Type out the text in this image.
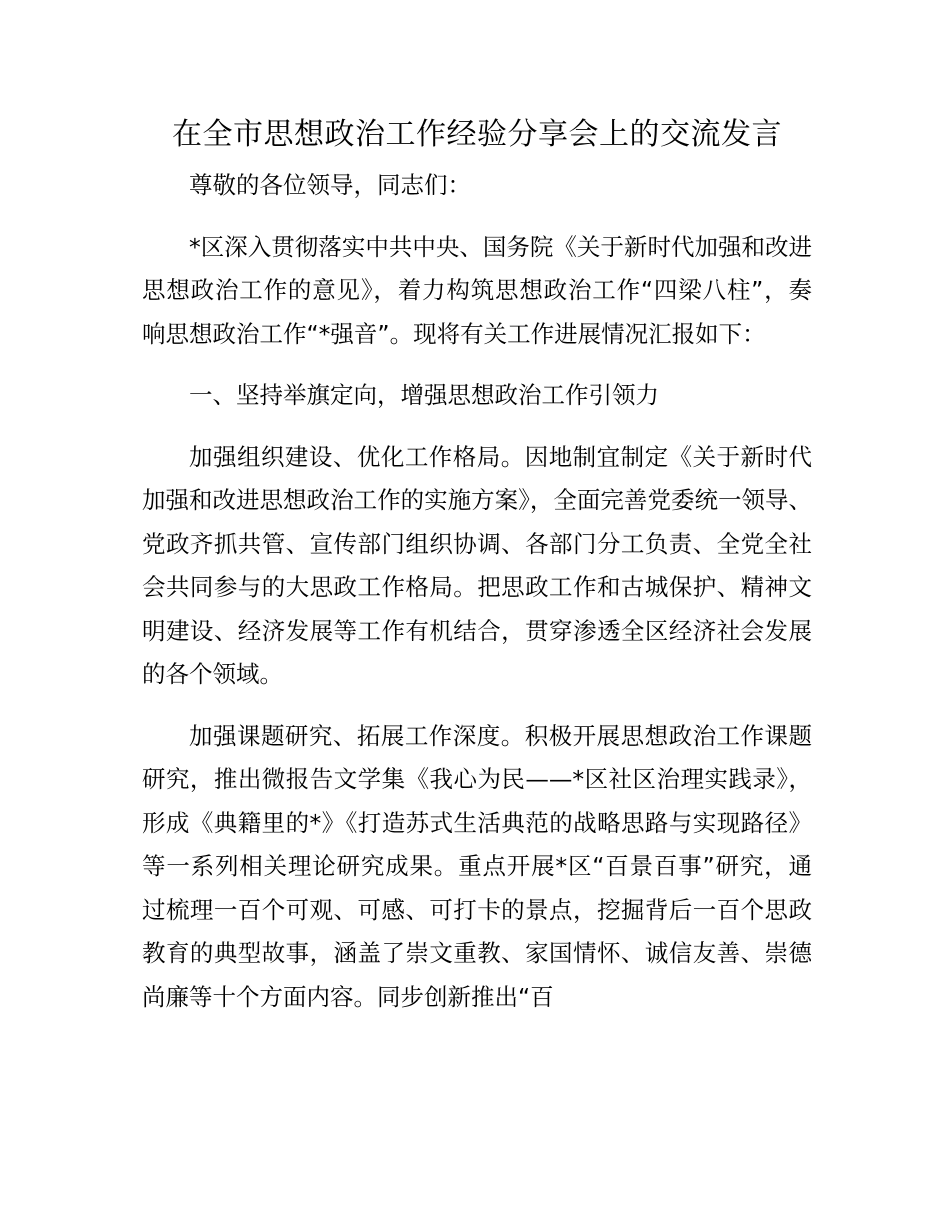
在全市思想政治工作经验分享会上的交流发言

尊敬的各位领导，同志们：

*区深入贯彻落实中共中央、国务院《关于新时代加强和改进思想政治工作的意见》，着力构筑思想政治工作“四梁八柱”，奏响思想政治工作“*强音”。现将有关工作进展情况汇报如下：

一、坚持举旗定向，增强思想政治工作引领力

加强组织建设、优化工作格局。因地制宜制定《关于新时代加强和改进思想政治工作的实施方案》，全面完善党委统一领导、党政齐抓共管、宣传部门组织协调、各部门分工负责、全党全社会共同参与的大思政工作格局。把思政工作和古城保护、精神文明建设、经济发展等工作有机结合，贯穿渗透全区经济社会发展的各个领域。

加强课题研究、拓展工作深度。积极开展思想政治工作课题研究，推出微报告文学集《我心为民——*区社区治理实践录》，形成《典籍里的*》《打造苏式生活典范的战略思路与实现路径》等一系列相关理论研究成果。重点开展*区“百景百事”研究，通过梳理一百个可观、可感、可打卡的景点，挖掘背后一百个思政教育的典型故事，涵盖了崇文重教、家国情怀、诚信友善、崇德尚廉等十个方面内容。同步创新推出“百
